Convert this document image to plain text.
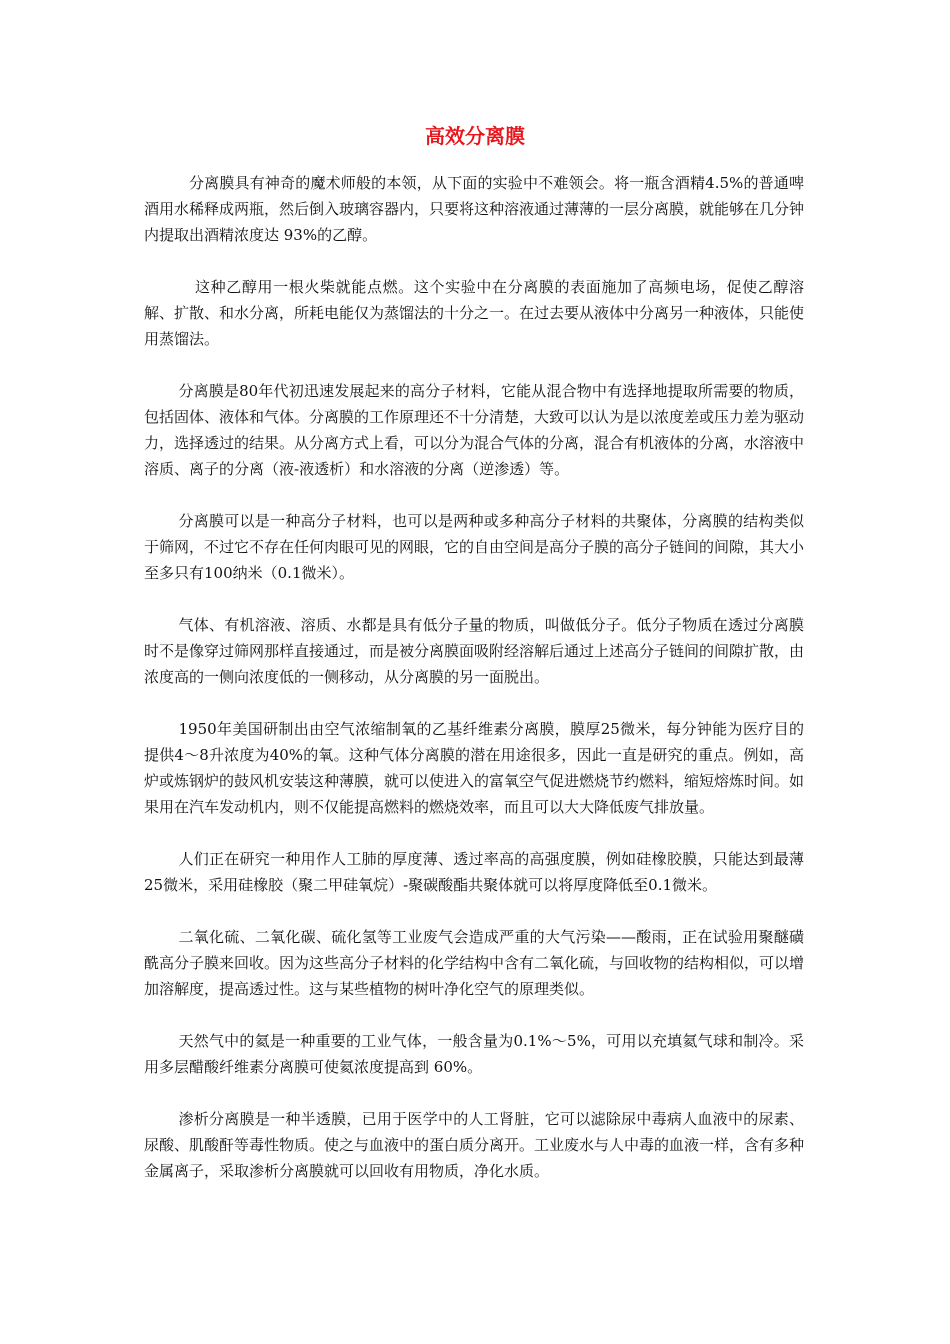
高效分离膜

分离膜具有神奇的魔术师般的本领，从下面的实验中不难领会。将一瓶含酒精4.5%的普通啤酒用水稀释成两瓶，然后倒入玻璃容器内，只要将这种溶液通过薄薄的一层分离膜，就能够在几分钟内提取出酒精浓度达 93%的乙醇。

这种乙醇用一根火柴就能点燃。这个实验中在分离膜的表面施加了高频电场，促使乙醇溶解、扩散、和水分离，所耗电能仅为蒸馏法的十分之一。在过去要从液体中分离另一种液体，只能使用蒸馏法。

分离膜是80年代初迅速发展起来的高分子材料，它能从混合物中有选择地提取所需要的物质，包括固体、液体和气体。分离膜的工作原理还不十分清楚，大致可以认为是以浓度差或压力差为驱动力，选择透过的结果。从分离方式上看，可以分为混合气体的分离，混合有机液体的分离，水溶液中溶质、离子的分离（液-液透析）和水溶液的分离（逆渗透）等。

分离膜可以是一种高分子材料，也可以是两种或多种高分子材料的共聚体，分离膜的结构类似于筛网，不过它不存在任何肉眼可见的网眼，它的自由空间是高分子膜的高分子链间的间隙，其大小至多只有100纳米（0.1微米）。

气体、有机溶液、溶质、水都是具有低分子量的物质，叫做低分子。低分子物质在透过分离膜时不是像穿过筛网那样直接通过，而是被分离膜面吸附经溶解后通过上述高分子链间的间隙扩散，由浓度高的一侧向浓度低的一侧移动，从分离膜的另一面脱出。

1950年美国研制出由空气浓缩制氧的乙基纤维素分离膜，膜厚25微米，每分钟能为医疗目的提供4～8升浓度为40%的氧。这种气体分离膜的潜在用途很多，因此一直是研究的重点。例如，高炉或炼钢炉的鼓风机安装这种薄膜，就可以使进入的富氧空气促进燃烧节约燃料，缩短熔炼时间。如果用在汽车发动机内，则不仅能提高燃料的燃烧效率，而且可以大大降低废气排放量。

人们正在研究一种用作人工肺的厚度薄、透过率高的高强度膜，例如硅橡胶膜，只能达到最薄25微米，采用硅橡胶（聚二甲硅氧烷）-聚碳酸酯共聚体就可以将厚度降低至0.1微米。

二氧化硫、二氧化碳、硫化氢等工业废气会造成严重的大气污染——酸雨，正在试验用聚醚磺酰高分子膜来回收。因为这些高分子材料的化学结构中含有二氧化硫，与回收物的结构相似，可以增加溶解度，提高透过性。这与某些植物的树叶净化空气的原理类似。

天然气中的氦是一种重要的工业气体，一般含量为0.1%～5%，可用以充填氦气球和制冷。采用多层醋酸纤维素分离膜可使氦浓度提高到 60%。

渗析分离膜是一种半透膜，已用于医学中的人工肾脏，它可以滤除尿中毒病人血液中的尿素、尿酸、肌酸酐等毒性物质。使之与血液中的蛋白质分离开。工业废水与人中毒的血液一样，含有多种金属离子，采取渗析分离膜就可以回收有用物质，净化水质。
